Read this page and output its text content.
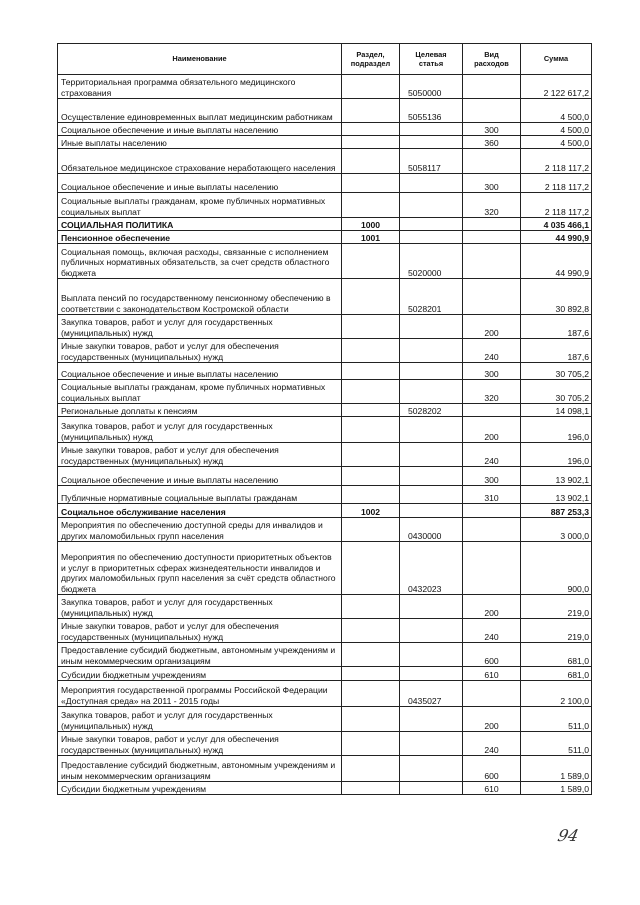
Наименование	Раздел, подраздел	Целевая статья	Вид расходов	Сумма
Территориальная программа обязательного медицинского страхования		5050000		2 122 617,2
Осуществление единовременных выплат медицинским работникам		5055136		4 500,0
Социальное обеспечение и иные выплаты населению			300	4 500,0
Иные выплаты населению			360	4 500,0
Обязательное медицинское страхование неработающего населения		5058117		2 118 117,2
Социальное обеспечение и иные выплаты населению			300	2 118 117,2
Социальные выплаты гражданам, кроме публичных нормативных социальных выплат			320	2 118 117,2
СОЦИАЛЬНАЯ ПОЛИТИКА	1000			4 035 466,1
Пенсионное обеспечение	1001			44 990,9
Социальная помощь, включая расходы, связанные с исполнением публичных нормативных обязательств, за счет средств областного бюджета		5020000		44 990,9
Выплата пенсий по государственному пенсионному обеспечению в соответствии с законодательством Костромской области		5028201		30 892,8
Закупка товаров, работ и услуг для государственных (муниципальных) нужд			200	187,6
Иные закупки товаров, работ и услуг для обеспечения государственных (муниципальных) нужд			240	187,6
Социальное обеспечение и иные выплаты населению			300	30 705,2
Социальные выплаты гражданам, кроме публичных нормативных социальных выплат			320	30 705,2
Региональные доплаты к пенсиям		5028202		14 098,1
Закупка товаров, работ и услуг для государственных (муниципальных) нужд			200	196,0
Иные закупки товаров, работ и услуг для обеспечения государственных (муниципальных) нужд			240	196,0
Социальное обеспечение и иные выплаты населению			300	13 902,1
Публичные нормативные социальные выплаты гражданам			310	13 902,1
Социальное обслуживание населения	1002			887 253,3
Мероприятия по обеспечению доступной среды для инвалидов и других маломобильных групп населения		0430000		3 000,0
Мероприятия по обеспечению доступности приоритетных объектов и услуг в приоритетных сферах жизнедеятельности инвалидов и других маломобильных групп населения за счёт средств областного бюджета		0432023		900,0
Закупка товаров, работ и услуг для государственных (муниципальных) нужд			200	219,0
Иные закупки товаров, работ и услуг для обеспечения государственных (муниципальных) нужд			240	219,0
Предоставление субсидий бюджетным, автономным учреждениям и иным некоммерческим организациям			600	681,0
Субсидии бюджетным учреждениям			610	681,0
Мероприятия государственной программы Российской Федерации «Доступная среда» на 2011 - 2015 годы		0435027		2 100,0
Закупка товаров, работ и услуг для государственных (муниципальных) нужд			200	511,0
Иные закупки товаров, работ и услуг для обеспечения государственных (муниципальных) нужд			240	511,0
Предоставление субсидий бюджетным, автономным учреждениям и иным некоммерческим организациям			600	1 589,0
Субсидии бюджетным учреждениям			610	1 589,0
94
